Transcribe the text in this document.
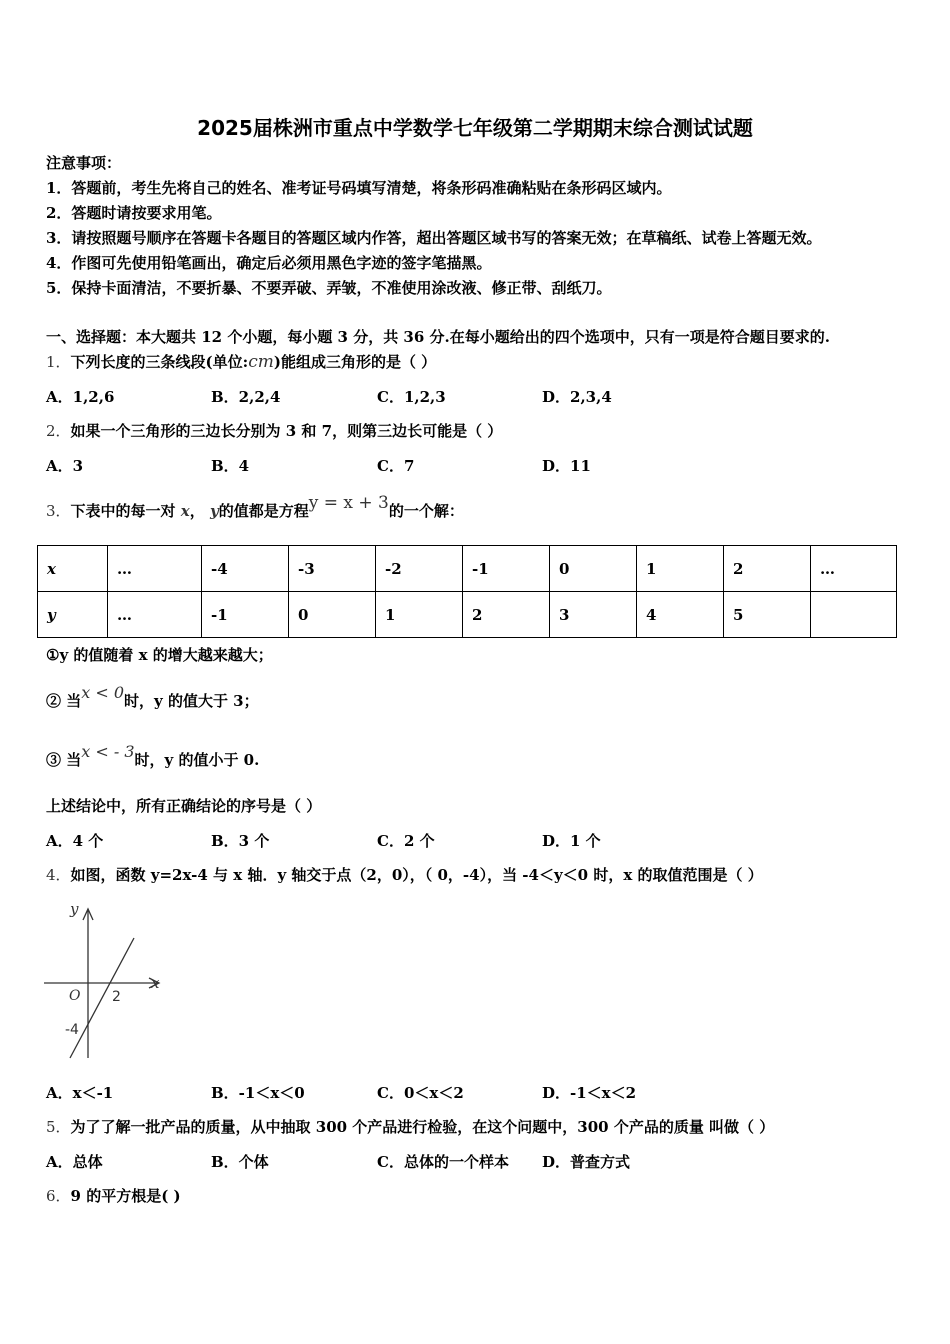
2025届株洲市重点中学数学七年级第二学期期末综合测试试题
注意事项：
1．答题前，考生先将自己的姓名、准考证号码填写清楚，将条形码准确粘贴在条形码区域内。
2．答题时请按要求用笔。
3．请按照题号顺序在答题卡各题目的答题区域内作答，超出答题区域书写的答案无效；在草稿纸、试卷上答题无效。
4．作图可先使用铅笔画出，确定后必须用黑色字迹的签字笔描黑。
5．保持卡面清洁，不要折暴、不要弄破、弄皱，不准使用涂改液、修正带、刮纸刀。
一、选择题：本大题共 12 个小题，每小题 3 分，共 36 分.在每小题给出的四个选项中，只有一项是符合题目要求的.
1．下列长度的三条线段(单位:cm)能组成三角形的是（ ）
A．1,2,6	B．2,2,4	C．1,2,3	D．2,3,4
2．如果一个三角形的三边长分别为 3 和 7，则第三边长可能是（ ）
A．3	B．4	C．7	D．11
3．下表中的每一对 x， y的值都是方程y = x + 3的一个解：
x	…	-4	-3	-2	-1	0	1	2	…
y	…	-1	0	1	2	3	4	5	
①y 的值随着 x 的增大越来越大；
② 当x < 0时，y 的值大于 3；
③ 当x < - 3时，y 的值小于 0.
上述结论中，所有正确结论的序号是（ ）
A．4 个	B．3 个	C．2 个	D．1 个
4．如图，函数 y=2x-4 与 x 轴．y 轴交于点（2，0），（ 0，-4），当 -4＜y＜0 时，x 的取值范围是（ ）
y
x
O 2
-4
A．x＜-1	B．-1＜x＜0	C．0＜x＜2	D．-1＜x＜2
5．为了了解一批产品的质量，从中抽取 300 个产品进行检验，在这个问题中，300 个产品的质量 叫做（ ）
A．总体	B．个体	C．总体的一个样本 D．普查方式
6．9 的平方根是( )
